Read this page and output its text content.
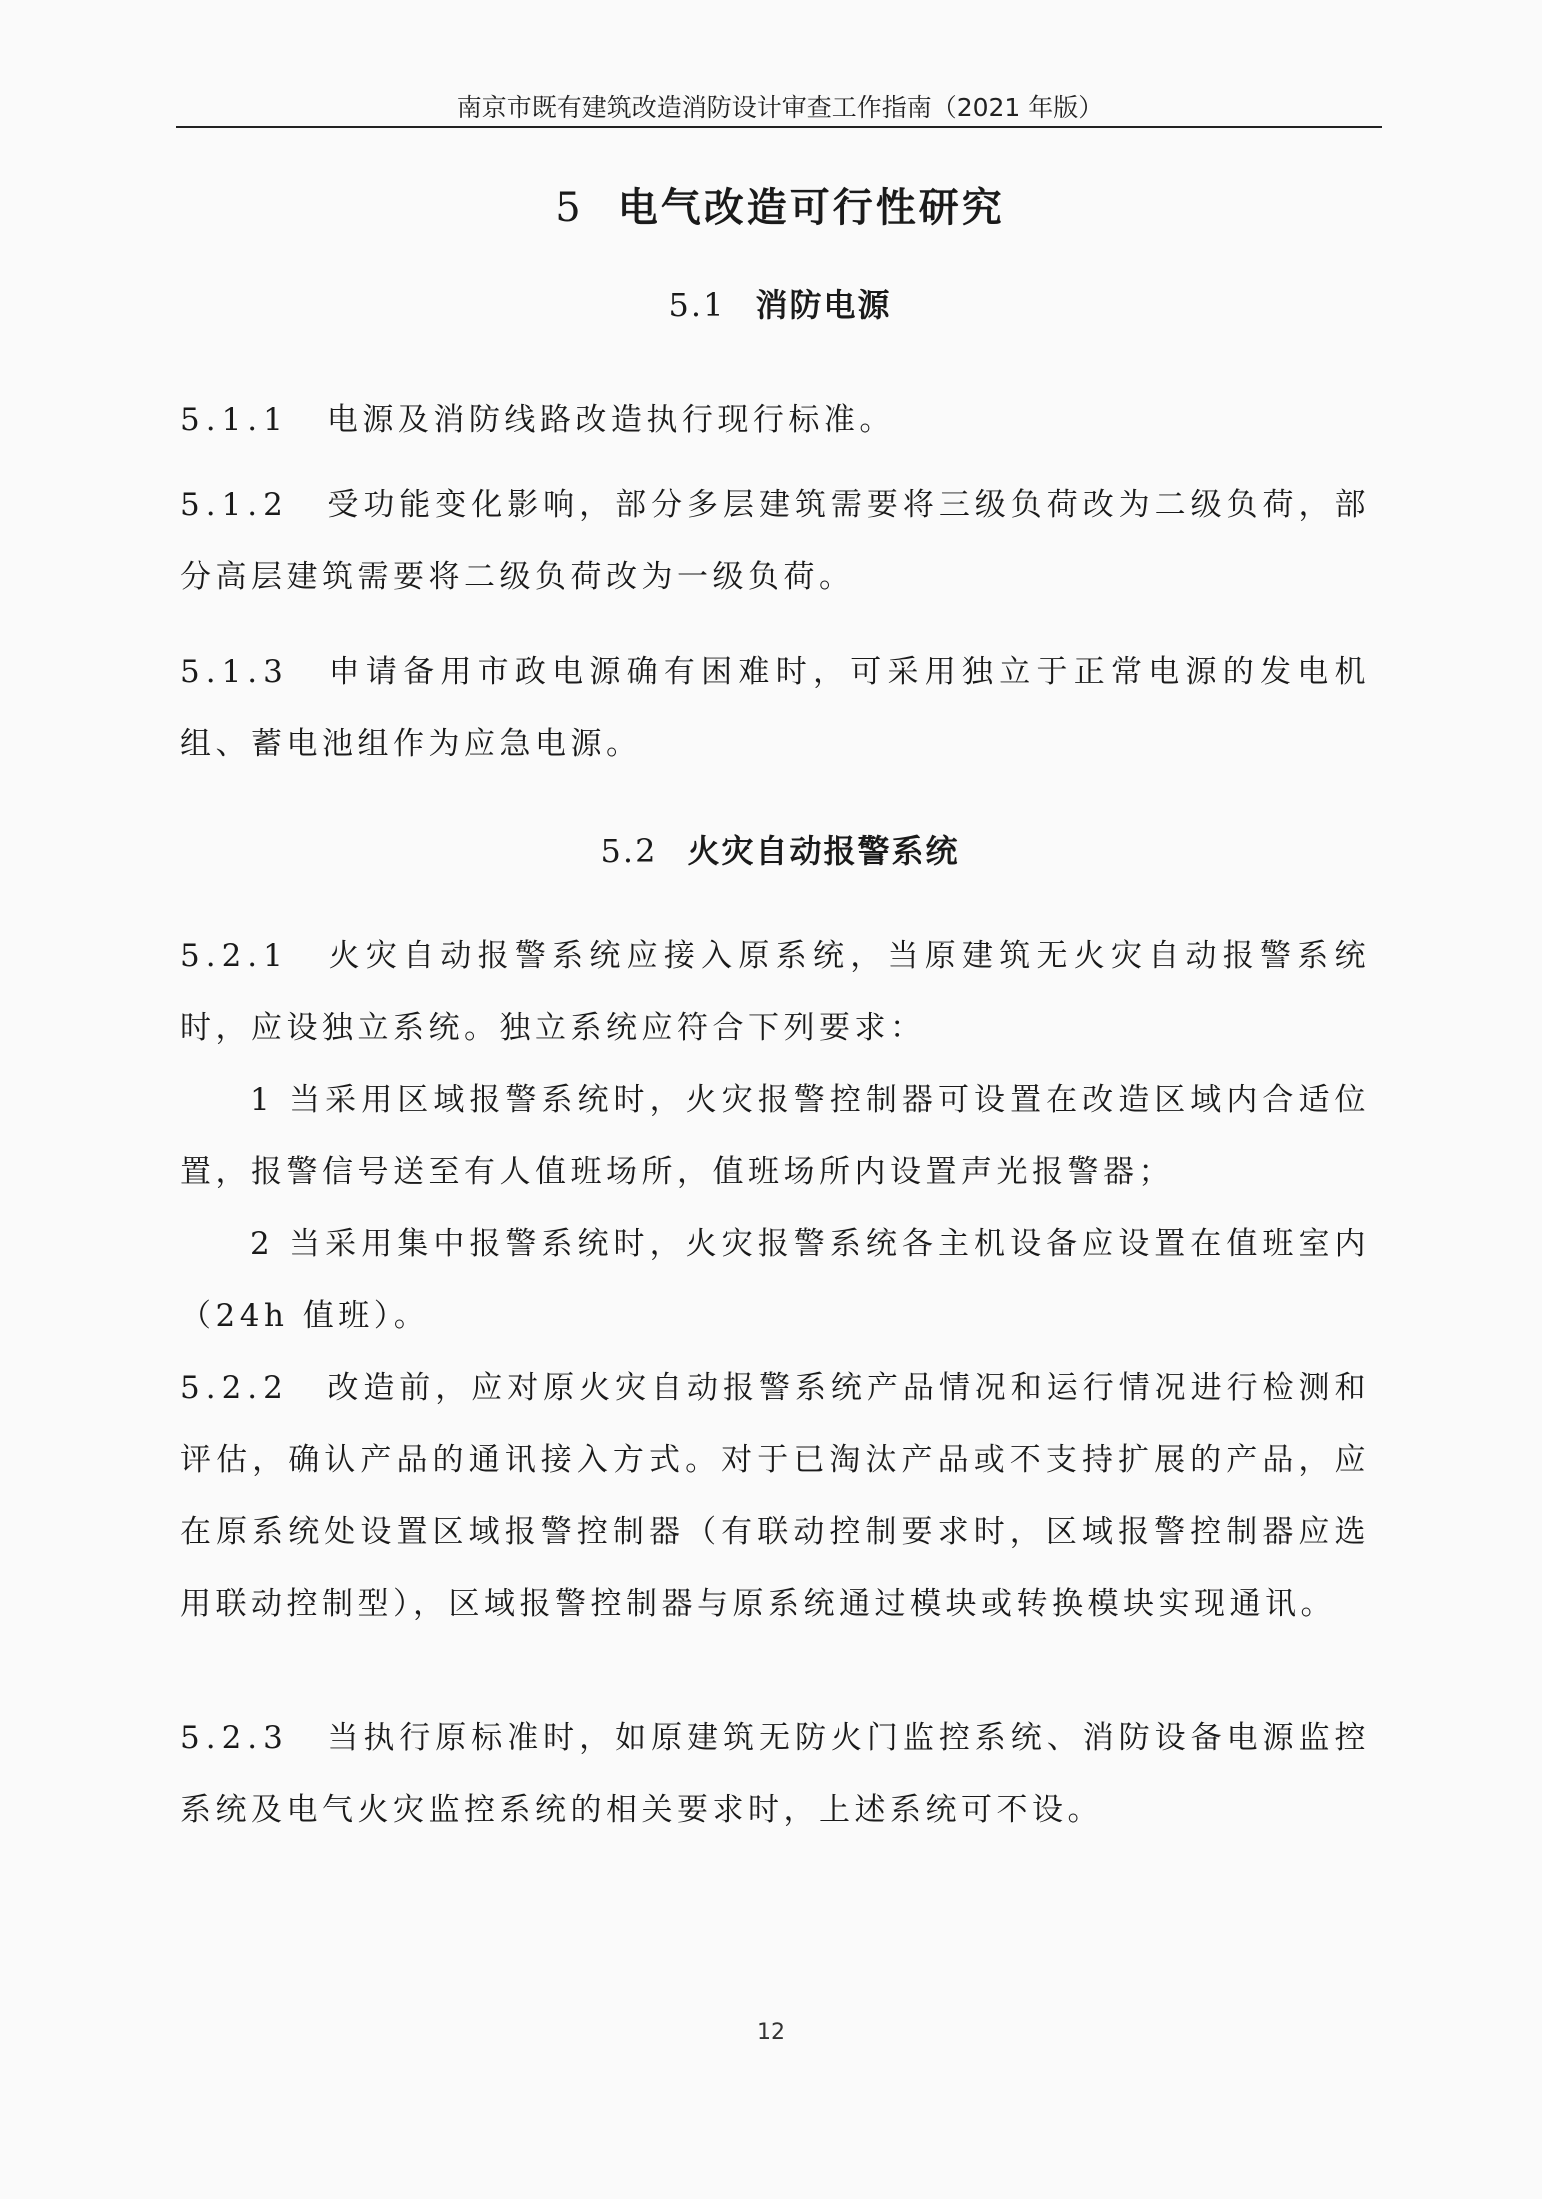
南京市既有建筑改造消防设计审查工作指南（2021 年版）
5 电气改造可行性研究
5.1 消防电源

5.1.1 电源及消防线路改造执行现行标准。

5.1.2 受功能变化影响，部分多层建筑需要将三级负荷改为二级负荷，部分高层建筑需要将二级负荷改为一级负荷。

5.1.3 申请备用市政电源确有困难时，可采用独立于正常电源的发电机组、蓄电池组作为应急电源。

5.2 火灾自动报警系统

5.2.1 火灾自动报警系统应接入原系统，当原建筑无火灾自动报警系统时，应设独立系统。独立系统应符合下列要求：

1 当采用区域报警系统时，火灾报警控制器可设置在改造区域内合适位置，报警信号送至有人值班场所，值班场所内设置声光报警器；

2 当采用集中报警系统时，火灾报警系统各主机设备应设置在值班室内（24h 值班）。

5.2.2 改造前，应对原火灾自动报警系统产品情况和运行情况进行检测和评估，确认产品的通讯接入方式。对于已淘汰产品或不支持扩展的产品，应在原系统处设置区域报警控制器（有联动控制要求时，区域报警控制器应选用联动控制型），区域报警控制器与原系统通过模块或转换模块实现通讯。

5.2.3 当执行原标准时，如原建筑无防火门监控系统、消防设备电源监控系统及电气火灾监控系统的相关要求时，上述系统可不设。

12
